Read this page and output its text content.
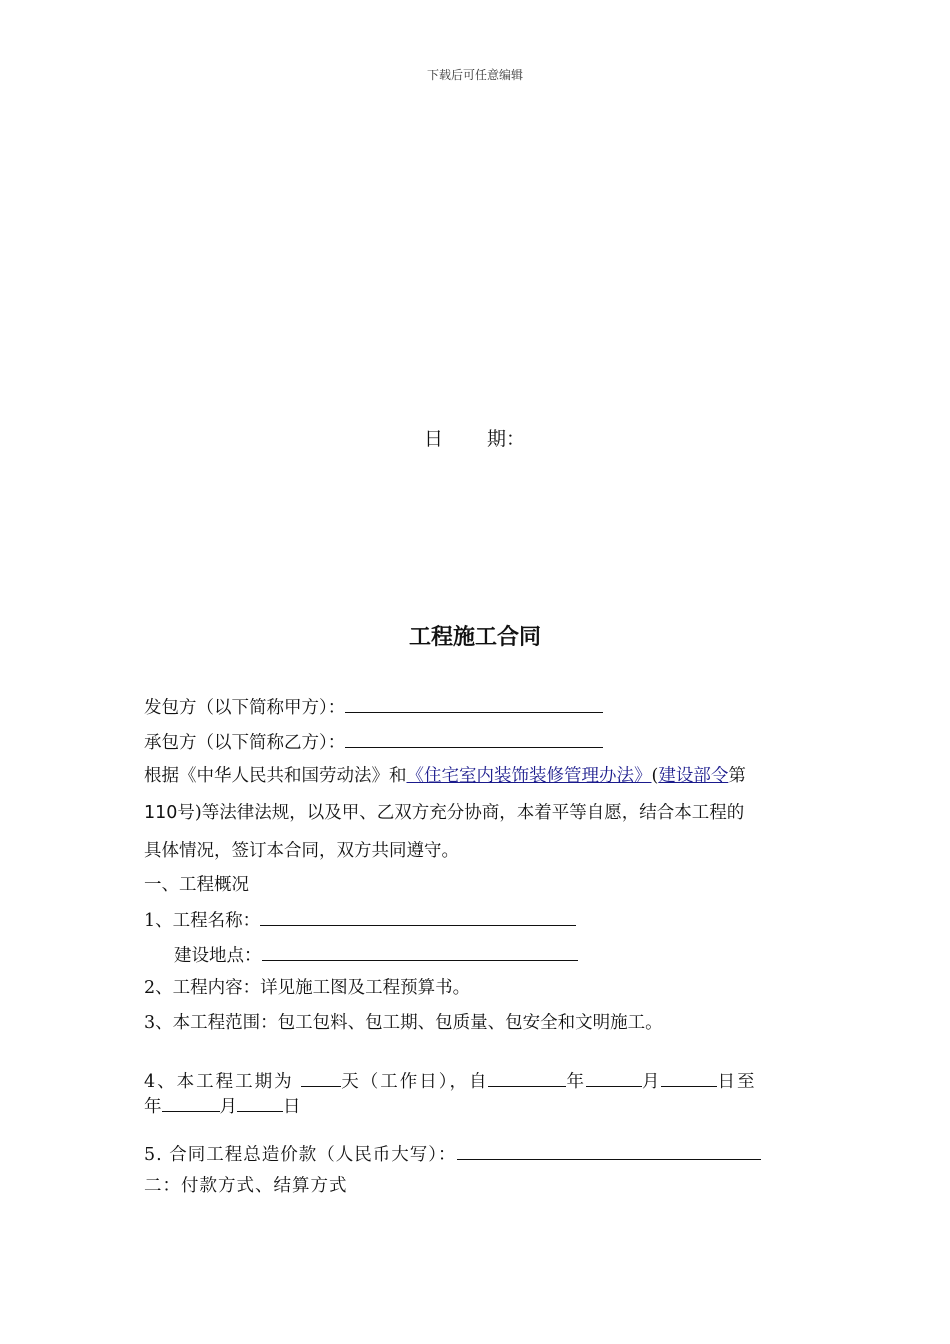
下载后可任意编辑
日 期：
工程施工合同
发包方（以下简称甲方）：
承包方（以下简称乙方）：
根据《中华人民共和国劳动法》和《住宅室内装饰装修管理办法》(建设部令第
110号)等法律法规，以及甲、乙双方充分协商，本着平等自愿，结合本工程的
具体情况，签订本合同，双方共同遵守。
一、工程概况
1、工程名称：
建设地点：
2、工程内容：详见施工图及工程预算书。
3、本工程范围：包工包料、包工期、包质量、包安全和文明施工。
4、本工程工期为	天（工作日），自	年	月	日至
年	月	日
5. 合同工程总造价款（人民币大写）：
二：付款方式、结算方式
